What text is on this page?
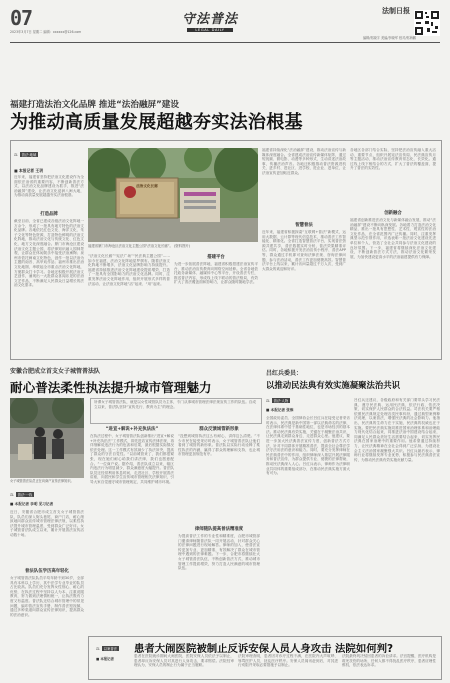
07
2023年3月7日 星期二 编辑：xxxxxx@126.com
守法普法
LEGAL DAILY
法制日报
编辑/郭晓宇 美编/李晓军 校对/郭海鹏
福建打造法治文化品牌 推进“法治融屏”建设
为推动高质量发展超越夯实法治根基
⚖	普法·地域
■ 本报记者 王玥
近年来，福建省坚持把法治文化建设作为全面依法治省的重要内容，不断创新普法方式，以法治文化品牌建设为抓手，推进“法治融屏”建设，让法治文化浸润八闽大地，为推动高质量发展超越夯实法治根基。
打造品牌
截至目前，全省已建成各级法治文化阵地一万余个，形成了一批具有地方特色的法治文化品牌。各地依托红色文化、海洋文化、朱子文化等特色资源，打造特色鲜明的法治文化阵地，推动法治文化与传统文化、红色文化、地方文化深度融合。厦门市海沧区建设法治文化主题公园，将法律知识融入园林景观，让群众在休闲娱乐中接受法治熏陶；泉州市依托闽南文化特色，创作一批以法治为主题的南音、高甲戏作品；福州市推出法治文化地图，串联起全市重点法治文化阵地，方便群众打卡学习。各地还积极开展法治文艺创作，涌现出一大批群众喜闻乐见的法治文艺作品，不断满足人民群众日益增长的法治文化需求。
法治文化长廊
福建省厦门市海沧区法治文化主题公园“法治文化长廊”。 (资料图片)
“法治文化长廊”“宪法广场”“民法典主题公园”……如今在福建，法治文化阵地星罗棋布。随着法治文化阵地不断增多，法治文化品牌影响力持续提升。福建省持续推进法治文化阵地建设提质增效，打造了一批具有全国影响力的法治文化品牌。同时，注重发挥法治文化阵地作用，组织开展形式多样的普法活动，让法治文化阵地“活”起来、“用”起来。
搭建平台
为进一步拓展普法阵地，福建省积极搭建法治宣传平台，推动法治宣传教育向网络空间延伸。全省各地依托政务新媒体、融媒体中心等平台，开设普法专栏，推送普法内容，形成线上线下联动的普法格局，有效扩大了普法覆盖面和影响力，让群众随时随地学法。
福建省持续深化“法治融屏”建设，推动法治宣传与新媒体深度融合。全省建成法治宣传新媒体矩阵，通过短视频、微电影、动漫等多种形式，生动讲述法治故事，传播法治声音。各地还积极推动普法资源进机关、进乡村、进社区、进学校、进企业、进单位，让法治宣传更加贴近群众。
智慧普法
近年来，福建省积极探索“互联网+普法”新模式，运用大数据、云计算等现代信息技术，推动普法工作智能化、精准化。全省打造智慧普法平台，实现普法资源共建共享，普法数据实时分析，普法效果精准评估。同时，各地积极开发法治宣传小程序、普法APP等，群众通过手机即可查询法律法规、咨询法律问题、参与法治活动，普法工作更加便捷高效。智慧普法平台上线以来，累计访问量超过千万人次，受到广大群众的欢迎和好评。
各地区各部门结合实际，坚持把法治宣传融入重大活动、重要节点，组织开展宪法宣传周、民法典宣传月等主题活动，推动法治宣传教育常态化、长效化。通过线上线下相结合的方式，扩大了普法的覆盖面，提升了普法的实效性。
创新融合
福建省创新推进法治文化与新媒体融合发展，推动“法治融屏”建设不断向纵深发展。各地着力打造法治文化精品，推出一批具有思想性、艺术性、观赏性的法治文化作品，在全省范围内广泛传播。同时，注重发挥典型示范引领作用，评选表彰一批法治文化建设先进单位和个人，营造了全社会共同参与法治文化建设的良好氛围。下一步，福建省将继续深化法治文化建设，不断创新普法方式方法，推动法治文化繁荣发展，为加快建设更高水平的法治福建提供有力保障。
安徽合肥成立首支女子城管普法队
耐心普法柔性执法提升城市管理魅力
女子城管普法队员正在向商户宣传法律知识。
⚖	普法·一线
■ 本报记者 李明 见习记者
近日，安徽省合肥市成立首支女子城管普法队，队员们深入街头巷尾、商户门店，耐心细致地向群众宣传城市管理法律法规，以柔性执法提升城市管理温度，受到群众广泛好评。女子城管普法队成立以来，累计开展普法宣传活动数十场。
普法队伍学历高年轻化
女子城管普法队队员平均年龄不到30岁，全部具有本科以上学历，其中法学专业毕业的队员占比较高。队员们充分发挥女性细心、耐心的优势，在执法过程中坚持以人为本，注重说服教育，努力做到法理情相统一，让执法既有力度又有温度。普法队还结合城市管理中的常见问题，编印普法宣传手册，制作普法短视频，通过多种渠道向群众宣传法律知识，提高群众的法治意识。
所谓女子城管普法队，就是以女性城管队员为主体，专门从事城市管理法律法规宣传工作的队伍。自成立以来，普法队坚持“宣传先行、教育为主”的理念。
“进宣+解说+补充执法法”
在执法过程中，女子城管普法队创新推出“进宣+解说+补充执法法”工作模式，即先进店宣传法律法规，再详细解说违法行为的危害和后果，最后根据实际情况依法处理。这一工作模式有效减少了执法冲突，提高了群众的守法自觉性。“以前城管来了，我们都很紧张，现在她们耐心给我们讲法律，我们也愿意配合。”一位商户说。据介绍，普法队成立以来，辖区内违法行为明显减少，群众满意度大幅提升。普法队队员还经常利用休息时间，走进社区、学校开展普法讲座，向居民和学生宣传城市管理相关法律知识，引导大家自觉遵守城市管理规定，共同维护城市环境。
群众反馈城管新形象
“没想到城管执法这么有耐心，讲得这么清楚。”不少市民在接受采访时表示，女子城管普法队让他们看到了城管的新形象。普法队以实际行动诠释了柔性执法的内涵，赢得了群众的理解和支持，也让城市管理更加规范有序。
律师随队提高普法精准度
为提高普法工作的专业性和精准度，合肥市城管部门邀请律师随普法队一同开展活动，针对群众关心的法律问题进行现场解答。律师的加入，使普法宣传更加专业、更加精准，有效解决了群众在城市管理中遇到的法律难题。下一步，合肥市将继续壮大女子城管普法队伍，不断创新普法方式，推动城市管理工作提质增效，努力打造人民满意的城市管理队伍。
吕红兵委员：
以推动民法典有效实施凝聚法治共识
⚖	普法·人物
■ 本报记者 张维
全国政协委员、全国律协会长吕红兵在接受记者采访时表示，民法典是新中国第一部以法典命名的法律，在法律体系中居于基础性地位，也是市场经济的基本法。推动民法典有效实施，关键在于凝聚法治共识，让民法典走到群众身边、走进群众心里。他建议，要进一步加大民法典普法宣传力度，创新普法方式方法，针对不同群体开展精准普法，提高全社会尊法学法守法用法的意识和能力。同时，要充分发挥律师在民法典普法中的作用，组织律师深入基层开展法律服务和普法宣传，为群众提供专业、便捷的法律帮助，推动民法典深入人心。吕红兵表示，律师作为法律职业共同体的重要组成部分，在推动民法典实施方面大有可为。
吕红兵还建议，各级政府和有关部门要带头学习民法典、遵守民法典、运用民法典，依法行政、依法决策，切实保护人民群众的合法权益。司法机关要严格依照民法典规定处理各类民事纠纷，通过典型案例释法说理，以案普法，增强民法典的社会影响力。他指出，民法典的生命力在于实施，民法典的权威也在于实施。要把民法典实施同推进国家治理体系和治理能力现代化结合起来，同推进法治中国建设结合起来，同满足人民群众美好生活需要结合起来，切实发挥民法典在国家治理中的重要作用。他希望通过持续努力，让民法典精神在全社会得到广泛弘扬，为建设社会主义法治国家凝聚强大共识。吕红兵最后表示，律师行业将继续发挥专业优势，积极参与民法典普法宣传，为推动民法典有效实施贡献力量。
⚖	以案普法 患者大闹医院被制止反诉安保人员人身攻击 法院如何判?
■ 本报记者
患者在医院就诊期间大闹医院，医院安保人员依法予以制止，患者却反诉安保人员对其进行人身攻击，要求赔偿。法院经审理认为，安保人员的制止行为属于正当履职。
法院审理查明，患者因对诊疗过程不满，在医院内大声喧哗、辱骂医护人员，扰乱医疗秩序。安保人员闻讯赶到后，对其进行劝阻并采取必要措施予以制止。
法院最终判决驳回患者的诉讼请求。法官提醒，医疗机构是救死扶伤的场所，任何人都不得扰乱医疗秩序，患者应理性维权，依法表达诉求。
